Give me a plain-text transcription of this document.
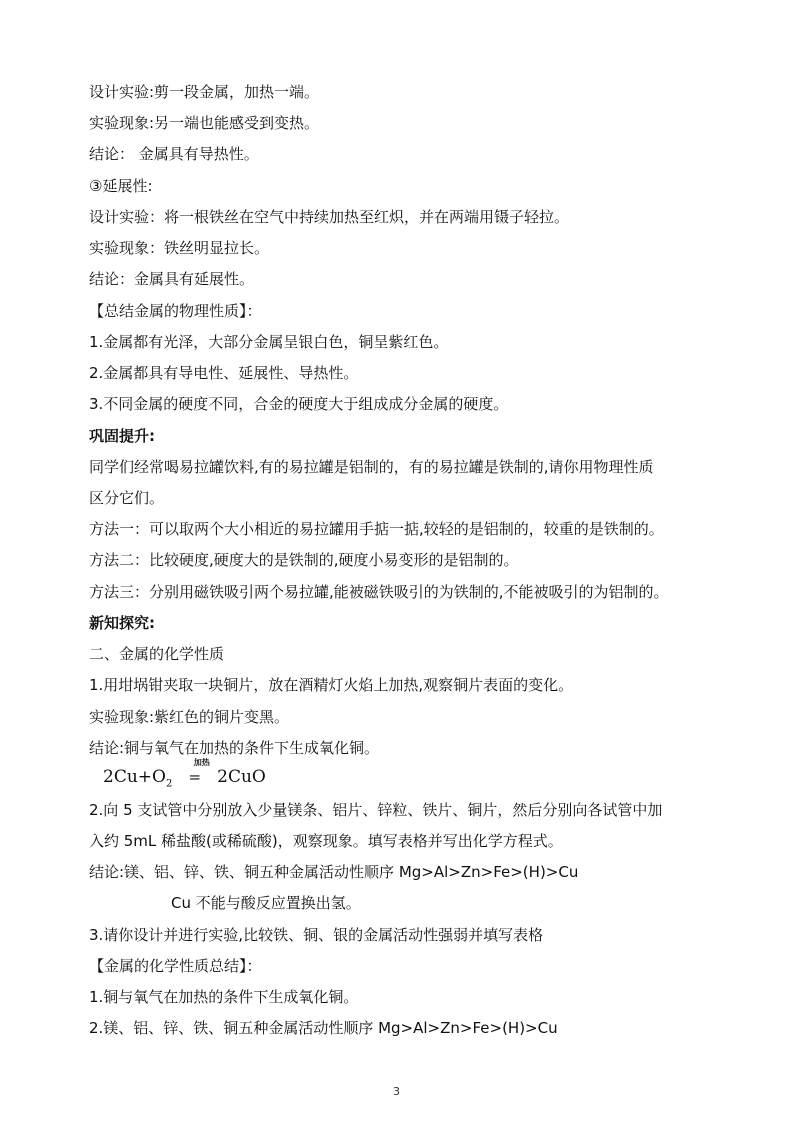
设计实验:剪一段金属，加热一端。
实验现象:另一端也能感受到变热。
结论： 金属具有导热性。
③延展性:
设计实验：将一根铁丝在空气中持续加热至红炽，并在两端用镊子轻拉。
实验现象：铁丝明显拉长。
结论：金属具有延展性。
【总结金属的物理性质】：
1.金属都有光泽，大部分金属呈银白色，铜呈紫红色。
2.金属都具有导电性、延展性、导热性。
3.不同金属的硬度不同，合金的硬度大于组成成分金属的硬度。
巩固提升:
同学们经常喝易拉罐饮料,有的易拉罐是铝制的，有的易拉罐是铁制的,请你用物理性质
区分它们。
方法一：可以取两个大小相近的易拉罐用手掂一掂,较轻的是铝制的，较重的是铁制的。
方法二：比较硬度,硬度大的是铁制的,硬度小易变形的是铝制的。
方法三：分别用磁铁吸引两个易拉罐,能被磁铁吸引的为铁制的,不能被吸引的为铝制的。
新知探究:
二、金属的化学性质
1.用坩埚钳夹取一块铜片，放在酒精灯火焰上加热,观察铜片表面的变化。
实验现象:紫红色的铜片变黑。
结论:铜与氧气在加热的条件下生成氧化铜。
$2Cu+O_2$
加热
= 2CuO
2.向 5 支试管中分别放入少量镁条、铝片、锌粒、铁片、铜片，然后分别向各试管中加
入约 5mL 稀盐酸(或稀硫酸)，观察现象。填写表格并写出化学方程式。
结论:镁、铝、锌、铁、铜五种金属活动性顺序 Mg>Al>Zn>Fe>(H)>Cu
Cu 不能与酸反应置换出氢。
3.请你设计并进行实验,比较铁、铜、银的金属活动性强弱并填写表格
【金属的化学性质总结】：
1.铜与氧气在加热的条件下生成氧化铜。
2.镁、铝、锌、铁、铜五种金属活动性顺序 Mg>Al>Zn>Fe>(H)>Cu
3
